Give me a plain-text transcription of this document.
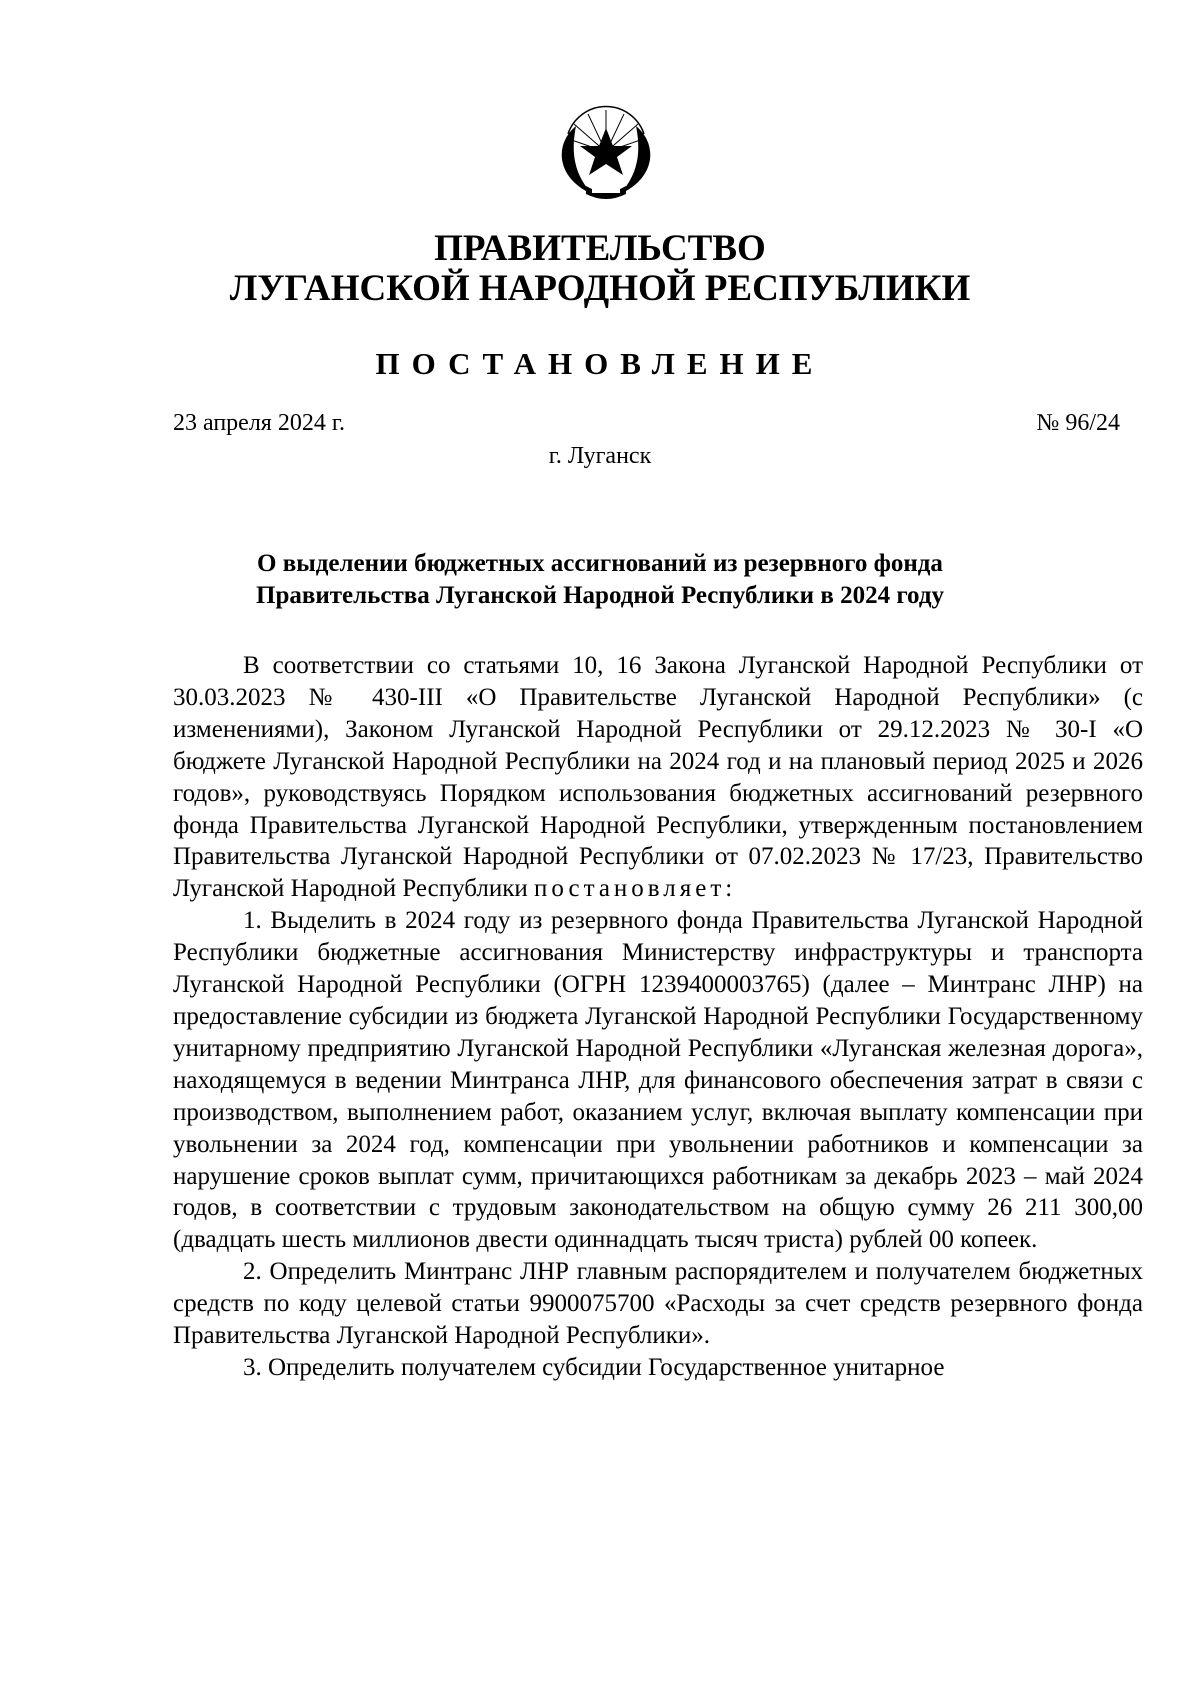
ПРАВИТЕЛЬСТВО
ЛУГАНСКОЙ НАРОДНОЙ РЕСПУБЛИКИ
ПОСТАНОВЛЕНИЕ
23 апреля 2024 г.	№ 96/24
г. Луганск
О выделении бюджетных ассигнований из резервного фонда
Правительства Луганской Народной Республики в 2024 году

В соответствии со статьями 10, 16 Закона Луганской Народной Республики от 30.03.2023 № 430-III «О Правительстве Луганской Народной Республики» (с изменениями), Законом Луганской Народной Республики от 29.12.2023 № 30-I «О бюджете Луганской Народной Республики на 2024 год и на плановый период 2025 и 2026 годов», руководствуясь Порядком использования бюджетных ассигнований резервного фонда Правительства Луганской Народной Республики, утвержденным постановлением Правительства Луганской Народной Республики от 07.02.2023 № 17/23, Правительство Луганской Народной Республики постановляет:

1. Выделить в 2024 году из резервного фонда Правительства Луганской Народной Республики бюджетные ассигнования Министерству инфраструктуры и транспорта Луганской Народной Республики (ОГРН 1239400003765) (далее – Минтранс ЛНР) на предоставление субсидии из бюджета Луганской Народной Республики Государственному унитарному предприятию Луганской Народной Республики «Луганская железная дорога», находящемуся в ведении Минтранса ЛНР, для финансового обеспечения затрат в связи с производством, выполнением работ, оказанием услуг, включая выплату компенсации при увольнении за 2024 год, компенсации при увольнении работников и компенсации за нарушение сроков выплат сумм, причитающихся работникам за декабрь 2023 – май 2024 годов, в соответствии с трудовым законодательством на общую сумму 26 211 300,00 (двадцать шесть миллионов двести одиннадцать тысяч триста) рублей 00 копеек.

2. Определить Минтранс ЛНР главным распорядителем и получателем бюджетных средств по коду целевой статьи 9900075700 «Расходы за счет средств резервного фонда Правительства Луганской Народной Республики».

3. Определить получателем субсидии Государственное унитарное
